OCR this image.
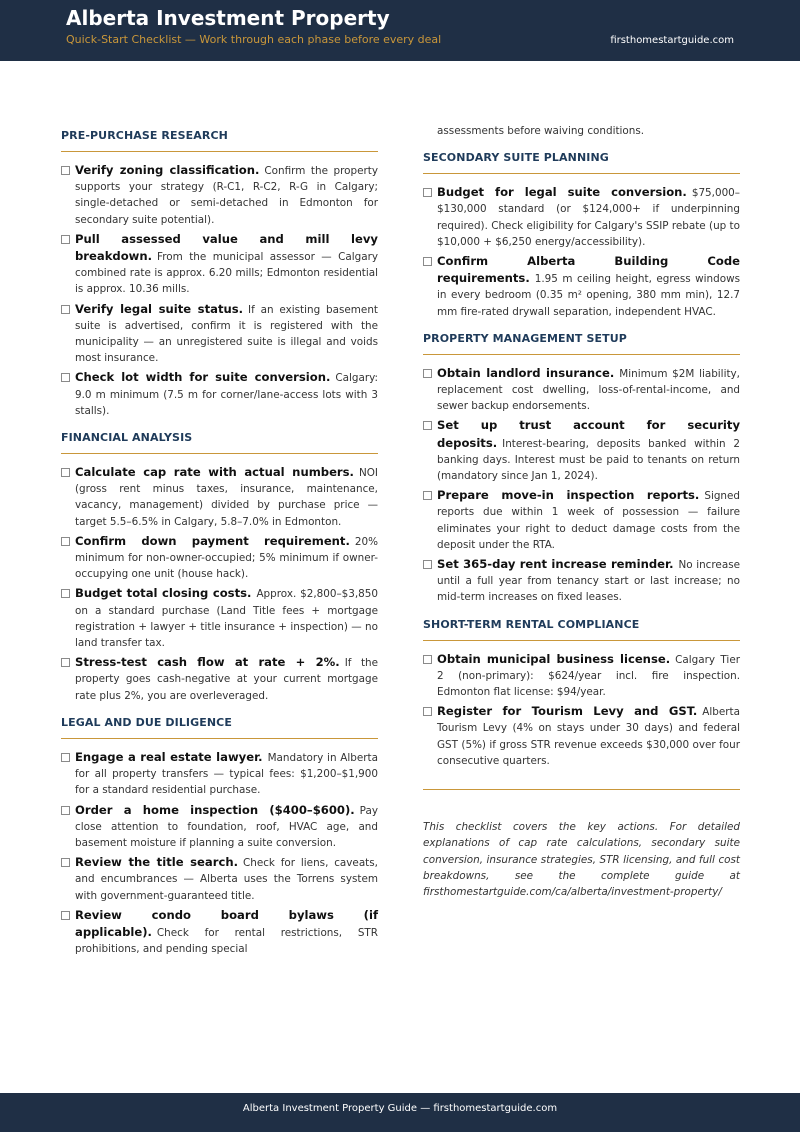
Alberta Investment Property
Quick-Start Checklist — Work through each phase before every deal	firsthomestartguide.com
PRE-PURCHASE RESEARCH
Verify zoning classification. Confirm the property supports your strategy (R-C1, R-C2, R-G in Calgary; single-detached or semi-detached in Edmonton for secondary suite potential).
Pull assessed value and mill levy breakdown. From the municipal assessor — Calgary combined rate is approx. 6.20 mills; Edmonton residential is approx. 10.36 mills.
Verify legal suite status. If an existing basement suite is advertised, confirm it is registered with the municipality — an unregistered suite is illegal and voids most insurance.
Check lot width for suite conversion. Calgary: 9.0 m minimum (7.5 m for corner/lane-access lots with 3 stalls).
FINANCIAL ANALYSIS
Calculate cap rate with actual numbers. NOI (gross rent minus taxes, insurance, maintenance, vacancy, management) divided by purchase price — target 5.5–6.5% in Calgary, 5.8–7.0% in Edmonton.
Confirm down payment requirement. 20% minimum for non-owner-occupied; 5% minimum if owner-occupying one unit (house hack).
Budget total closing costs. Approx. $2,800–$3,850 on a standard purchase (Land Title fees + mortgage registration + lawyer + title insurance + inspection) — no land transfer tax.
Stress-test cash flow at rate + 2%. If the property goes cash-negative at your current mortgage rate plus 2%, you are overleveraged.
LEGAL AND DUE DILIGENCE
Engage a real estate lawyer. Mandatory in Alberta for all property transfers — typical fees: $1,200–$1,900 for a standard residential purchase.
Order a home inspection ($400–$600). Pay close attention to foundation, roof, HVAC age, and basement moisture if planning a suite conversion.
Review the title search. Check for liens, caveats, and encumbrances — Alberta uses the Torrens system with government-guaranteed title.
Review condo board bylaws (if applicable). Check for rental restrictions, STR prohibitions, and pending special
assessments before waiving conditions.
SECONDARY SUITE PLANNING
Budget for legal suite conversion. $75,000–$130,000 standard (or $124,000+ if underpinning required). Check eligibility for Calgary's SSIP rebate (up to $10,000 + $6,250 energy/accessibility).
Confirm Alberta Building Code requirements. 1.95 m ceiling height, egress windows in every bedroom (0.35 m² opening, 380 mm min), 12.7 mm fire-rated drywall separation, independent HVAC.
PROPERTY MANAGEMENT SETUP
Obtain landlord insurance. Minimum $2M liability, replacement cost dwelling, loss-of-rental-income, and sewer backup endorsements.
Set up trust account for security deposits. Interest-bearing, deposits banked within 2 banking days. Interest must be paid to tenants on return (mandatory since Jan 1, 2024).
Prepare move-in inspection reports. Signed reports due within 1 week of possession — failure eliminates your right to deduct damage costs from the deposit under the RTA.
Set 365-day rent increase reminder. No increase until a full year from tenancy start or last increase; no mid-term increases on fixed leases.
SHORT-TERM RENTAL COMPLIANCE
Obtain municipal business license. Calgary Tier 2 (non-primary): $624/year incl. fire inspection. Edmonton flat license: $94/year.
Register for Tourism Levy and GST. Alberta Tourism Levy (4% on stays under 30 days) and federal GST (5%) if gross STR revenue exceeds $30,000 over four consecutive quarters.
This checklist covers the key actions. For detailed explanations of cap rate calculations, secondary suite conversion, insurance strategies, STR licensing, and full cost breakdowns, see the complete guide at firsthomestartguide.com/ca/alberta/investment-property/
Alberta Investment Property Guide — firsthomestartguide.com
